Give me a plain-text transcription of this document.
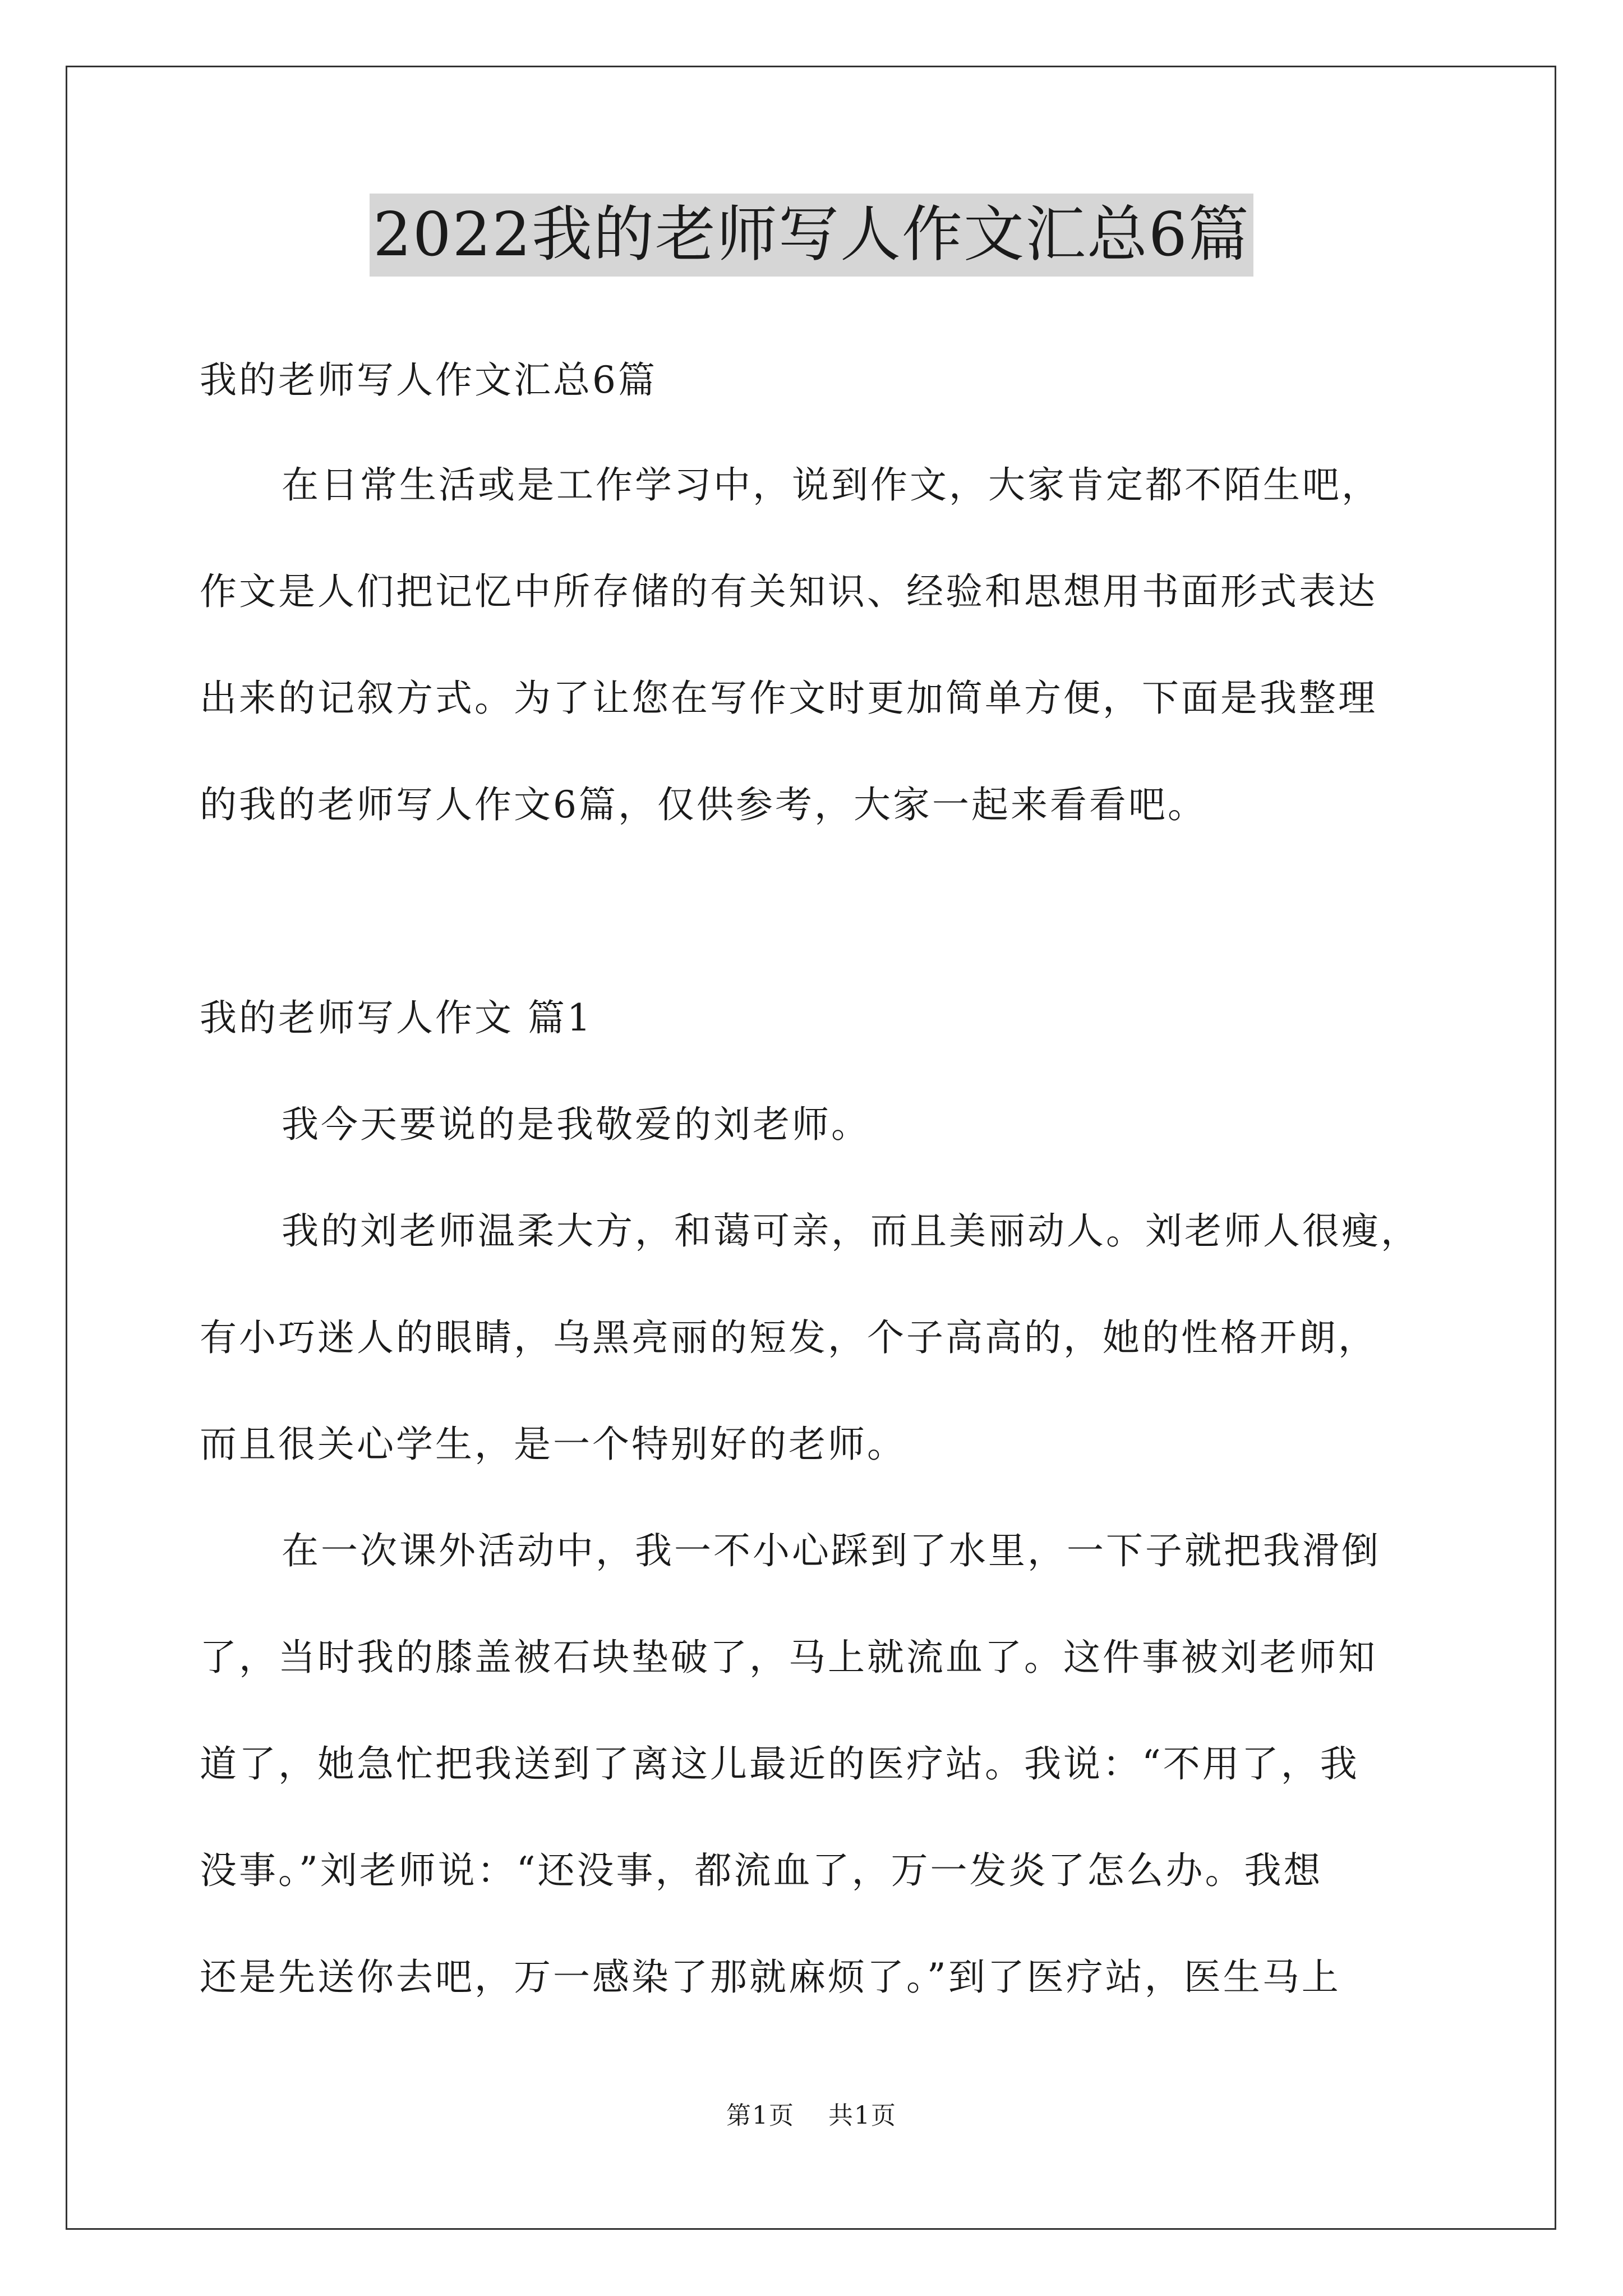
2022我的老师写人作文汇总6篇
我的老师写人作文汇总6篇
在日常生活或是工作学习中，说到作文，大家肯定都不陌生吧，
作文是人们把记忆中所存储的有关知识、经验和思想用书面形式表达
出来的记叙方式。为了让您在写作文时更加简单方便，下面是我整理
的我的老师写人作文6篇，仅供参考，大家一起来看看吧。
我的老师写人作文 篇1
我今天要说的是我敬爱的刘老师。
我的刘老师温柔大方，和蔼可亲，而且美丽动人。刘老师人很瘦，
有小巧迷人的眼睛，乌黑亮丽的短发，个子高高的，她的性格开朗，
而且很关心学生，是一个特别好的老师。
在一次课外活动中，我一不小心踩到了水里，一下子就把我滑倒
了，当时我的膝盖被石块垫破了，马上就流血了。这件事被刘老师知
道了，她急忙把我送到了离这儿最近的医疗站。我说：“不用了，我
没事。”刘老师说：“还没事，都流血了，万一发炎了怎么办。我想
还是先送你去吧，万一感染了那就麻烦了。”到了医疗站，医生马上
第1页 共1页
